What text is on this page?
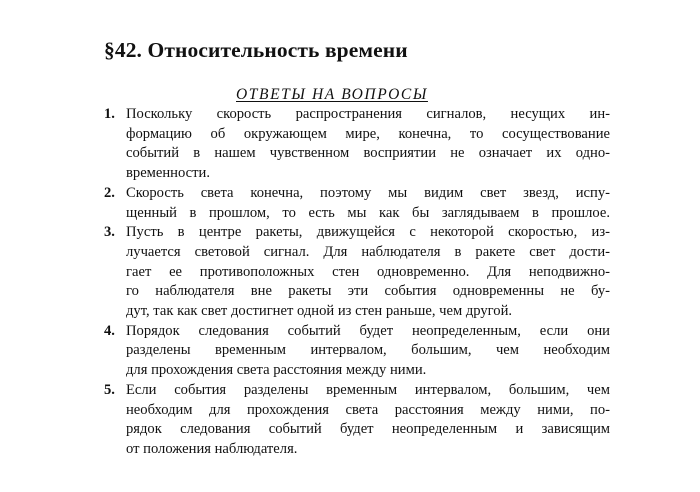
§42. Относительность времени
ОТВЕТЫ НА ВОПРОСЫ
1. Поскольку скорость распространения сигналов, несущих ин-
формацию об окружающем мире, конечна, то сосуществование
событий в нашем чувственном восприятии не означает их одно-
временности.
2. Скорость света конечна, поэтому мы видим свет звезд, испу-
щенный в прошлом, то есть мы как бы заглядываем в прошлое.
3. Пусть в центре ракеты, движущейся с некоторой скоростью, из-
лучается световой сигнал. Для наблюдателя в ракете свет дости-
гает ее противоположных стен одновременно. Для неподвижно-
го наблюдателя вне ракеты эти события одновременны не бу-
дут, так как свет достигнет одной из стен раньше, чем другой.
4. Порядок следования событий будет неопределенным, если они
разделены временным интервалом, большим, чем необходим
для прохождения света расстояния между ними.
5. Если события разделены временным интервалом, большим, чем
необходим для прохождения света расстояния между ними, по-
рядок следования событий будет неопределенным и зависящим
от положения наблюдателя.
